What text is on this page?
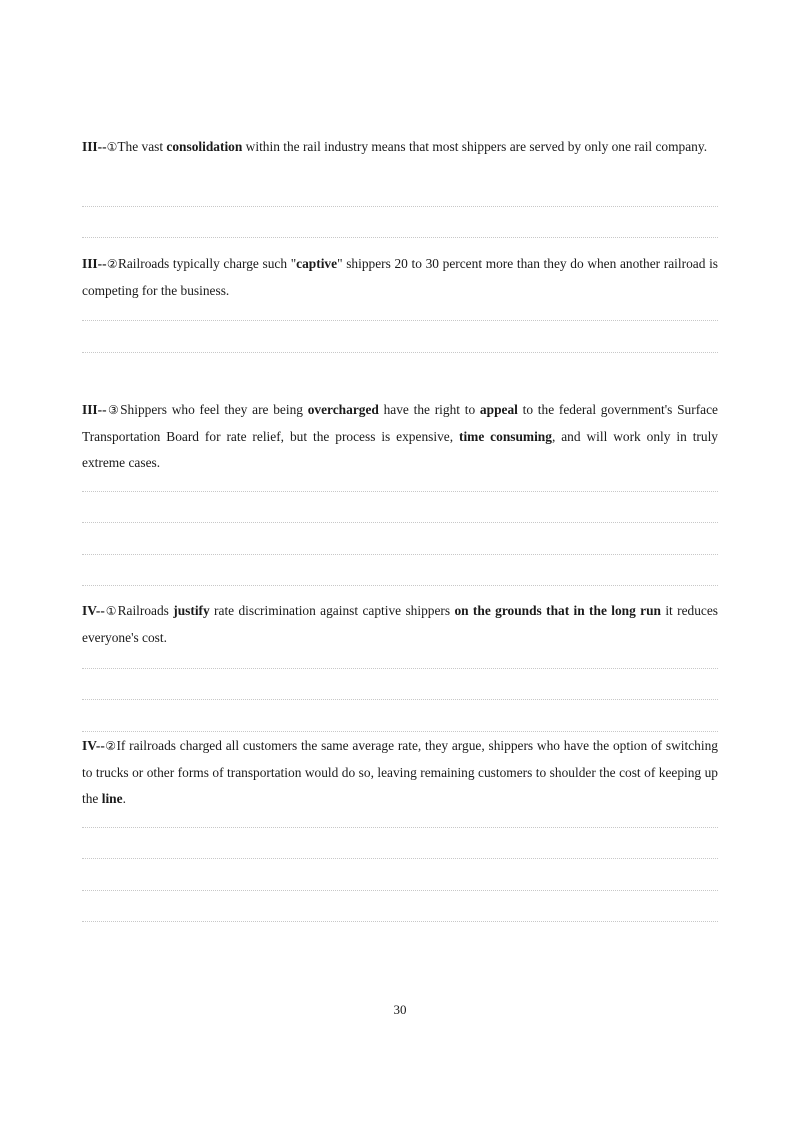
III--①The vast consolidation within the rail industry means that most shippers are served by only one rail company.

III--②Railroads typically charge such "captive" shippers 20 to 30 percent more than they do when another railroad is competing for the business.

III--③Shippers who feel they are being overcharged have the right to appeal to the federal government's Surface Transportation Board for rate relief, but the process is expensive, time consuming, and will work only in truly extreme cases.

IV--①Railroads justify rate discrimination against captive shippers on the grounds that in the long run it reduces everyone's cost.

IV--②If railroads charged all customers the same average rate, they argue, shippers who have the option of switching to trucks or other forms of transportation would do so, leaving remaining customers to shoulder the cost of keeping up the line.

30
